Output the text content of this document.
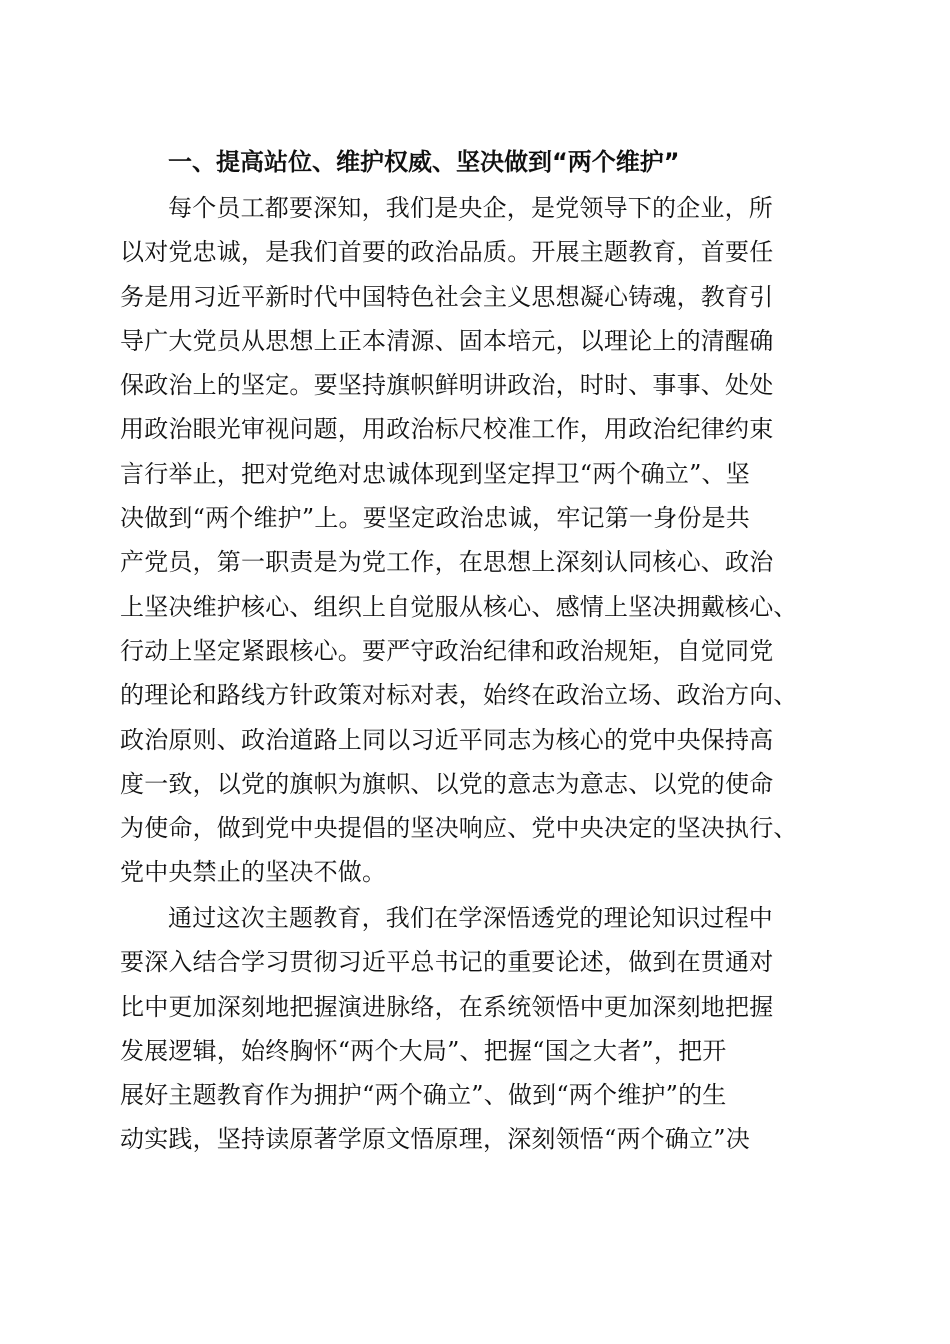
一、提高站位、维护权威、坚决做到“两个维护”
每个员工都要深知，我们是央企，是党领导下的企业，所
以对党忠诚，是我们首要的政治品质。开展主题教育，首要任
务是用习近平新时代中国特色社会主义思想凝心铸魂，教育引
导广大党员从思想上正本清源、固本培元，以理论上的清醒确
保政治上的坚定。要坚持旗帜鲜明讲政治，时时、事事、处处
用政治眼光审视问题，用政治标尺校准工作，用政治纪律约束
言行举止，把对党绝对忠诚体现到坚定捍卫“两个确立”、坚
决做到“两个维护”上。要坚定政治忠诚，牢记第一身份是共
产党员，第一职责是为党工作，在思想上深刻认同核心、政治
上坚决维护核心、组织上自觉服从核心、感情上坚决拥戴核心、
行动上坚定紧跟核心。要严守政治纪律和政治规矩，自觉同党
的理论和路线方针政策对标对表，始终在政治立场、政治方向、
政治原则、政治道路上同以习近平同志为核心的党中央保持高
度一致，以党的旗帜为旗帜、以党的意志为意志、以党的使命
为使命，做到党中央提倡的坚决响应、党中央决定的坚决执行、
党中央禁止的坚决不做。
通过这次主题教育，我们在学深悟透党的理论知识过程中
要深入结合学习贯彻习近平总书记的重要论述，做到在贯通对
比中更加深刻地把握演进脉络，在系统领悟中更加深刻地把握
发展逻辑，始终胸怀“两个大局”、把握“国之大者”，把开
展好主题教育作为拥护“两个确立”、做到“两个维护”的生
动实践，坚持读原著学原文悟原理，深刻领悟“两个确立”决
